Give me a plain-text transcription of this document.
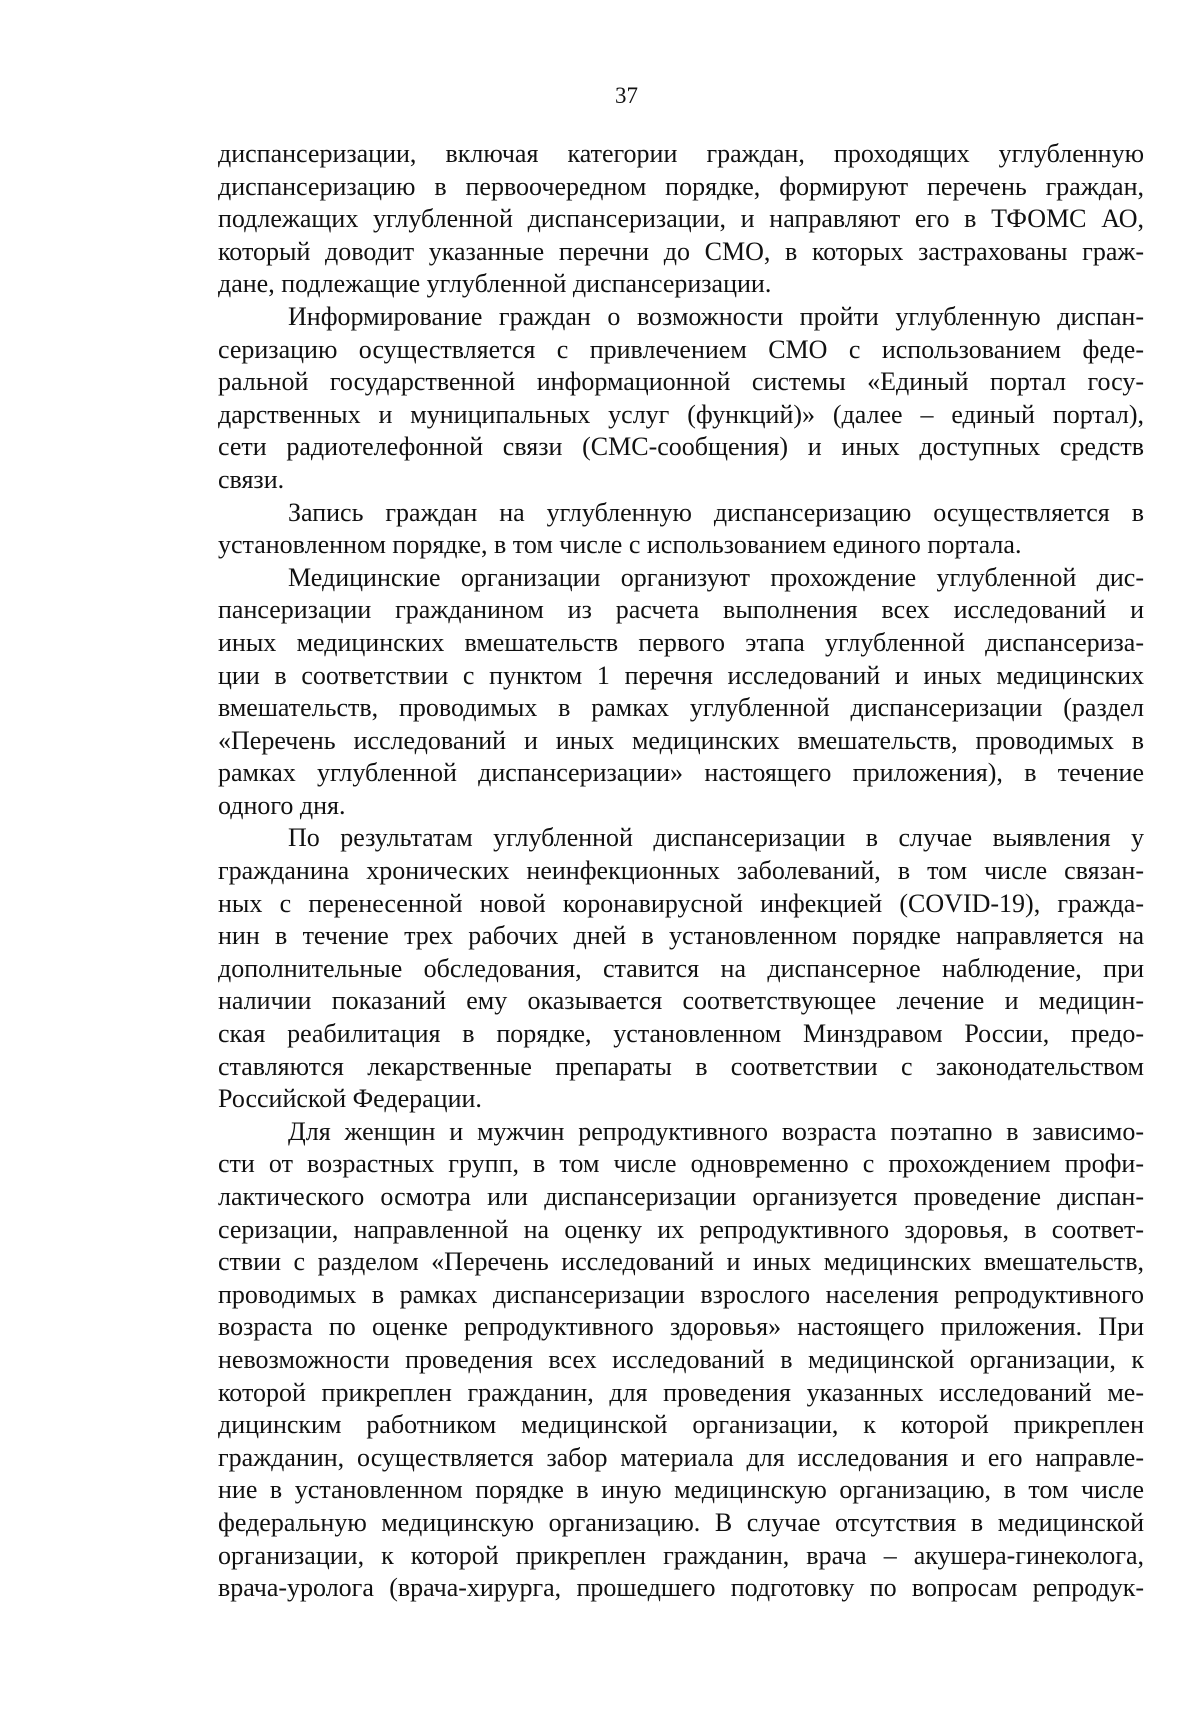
37
диспансеризации, включая категории граждан, проходящих углубленную
диспансеризацию в первоочередном порядке, формируют перечень граждан,
подлежащих углубленной диспансеризации, и направляют его в ТФОМС АО,
который доводит указанные перечни до СМО, в которых застрахованы граж-
дане, подлежащие углубленной диспансеризации.
Информирование граждан о возможности пройти углубленную диспан-
серизацию осуществляется с привлечением СМО с использованием феде-
ральной государственной информационной системы «Единый портал госу-
дарственных и муниципальных услуг (функций)» (далее – единый портал),
сети радиотелефонной связи (СМС-сообщения) и иных доступных средств
связи.
Запись граждан на углубленную диспансеризацию осуществляется в
установленном порядке, в том числе с использованием единого портала.
Медицинские организации организуют прохождение углубленной дис-
пансеризации гражданином из расчета выполнения всех исследований и
иных медицинских вмешательств первого этапа углубленной диспансериза-
ции в соответствии с пунктом 1 перечня исследований и иных медицинских
вмешательств, проводимых в рамках углубленной диспансеризации (раздел
«Перечень исследований и иных медицинских вмешательств, проводимых в
рамках углубленной диспансеризации» настоящего приложения), в течение
одного дня.
По результатам углубленной диспансеризации в случае выявления у
гражданина хронических неинфекционных заболеваний, в том числе связан-
ных с перенесенной новой коронавирусной инфекцией (COVID-19), гражда-
нин в течение трех рабочих дней в установленном порядке направляется на
дополнительные обследования, ставится на диспансерное наблюдение, при
наличии показаний ему оказывается соответствующее лечение и медицин-
ская реабилитация в порядке, установленном Минздравом России, предо-
ставляются лекарственные препараты в соответствии с законодательством
Российской Федерации.
Для женщин и мужчин репродуктивного возраста поэтапно в зависимо-
сти от возрастных групп, в том числе одновременно с прохождением профи-
лактического осмотра или диспансеризации организуется проведение диспан-
серизации, направленной на оценку их репродуктивного здоровья, в соответ-
ствии с разделом «Перечень исследований и иных медицинских вмешательств,
проводимых в рамках диспансеризации взрослого населения репродуктивного
возраста по оценке репродуктивного здоровья» настоящего приложения. При
невозможности проведения всех исследований в медицинской организации, к
которой прикреплен гражданин, для проведения указанных исследований ме-
дицинским работником медицинской организации, к которой прикреплен
гражданин, осуществляется забор материала для исследования и его направле-
ние в установленном порядке в иную медицинскую организацию, в том числе
федеральную медицинскую организацию. В случае отсутствия в медицинской
организации, к которой прикреплен гражданин, врача – акушера-гинеколога,
врача-уролога (врача-хирурга, прошедшего подготовку по вопросам репродук-
